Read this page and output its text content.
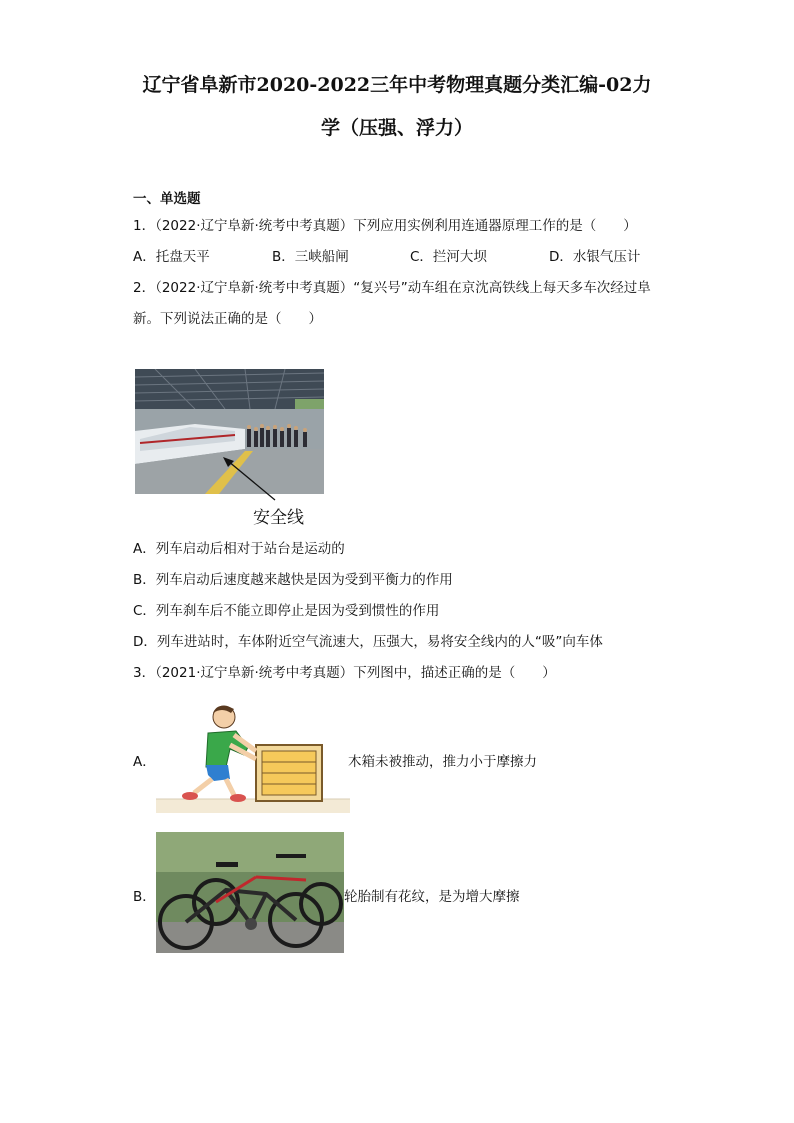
辽宁省阜新市2020-2022三年中考物理真题分类汇编-02力
学（压强、浮力）
一、单选题
1．（2022·辽宁阜新·统考中考真题）下列应用实例利用连通器原理工作的是（　　）
A．托盘天平	B．三峡船闸	C．拦河大坝	D．水银气压计
2．（2022·辽宁阜新·统考中考真题）“复兴号”动车组在京沈高铁线上每天多车次经过阜
新。下列说法正确的是（　　）
安全线
A．列车启动后相对于站台是运动的
B．列车启动后速度越来越快是因为受到平衡力的作用
C．列车刹车后不能立即停止是因为受到惯性的作用
D．列车进站时，车体附近空气流速大，压强大，易将安全线内的人“吸”向车体
3．（2021·辽宁阜新·统考中考真题）下列图中，描述正确的是（　　）
A．	木箱未被推动，推力小于摩擦力
B．	轮胎制有花纹，是为增大摩擦
